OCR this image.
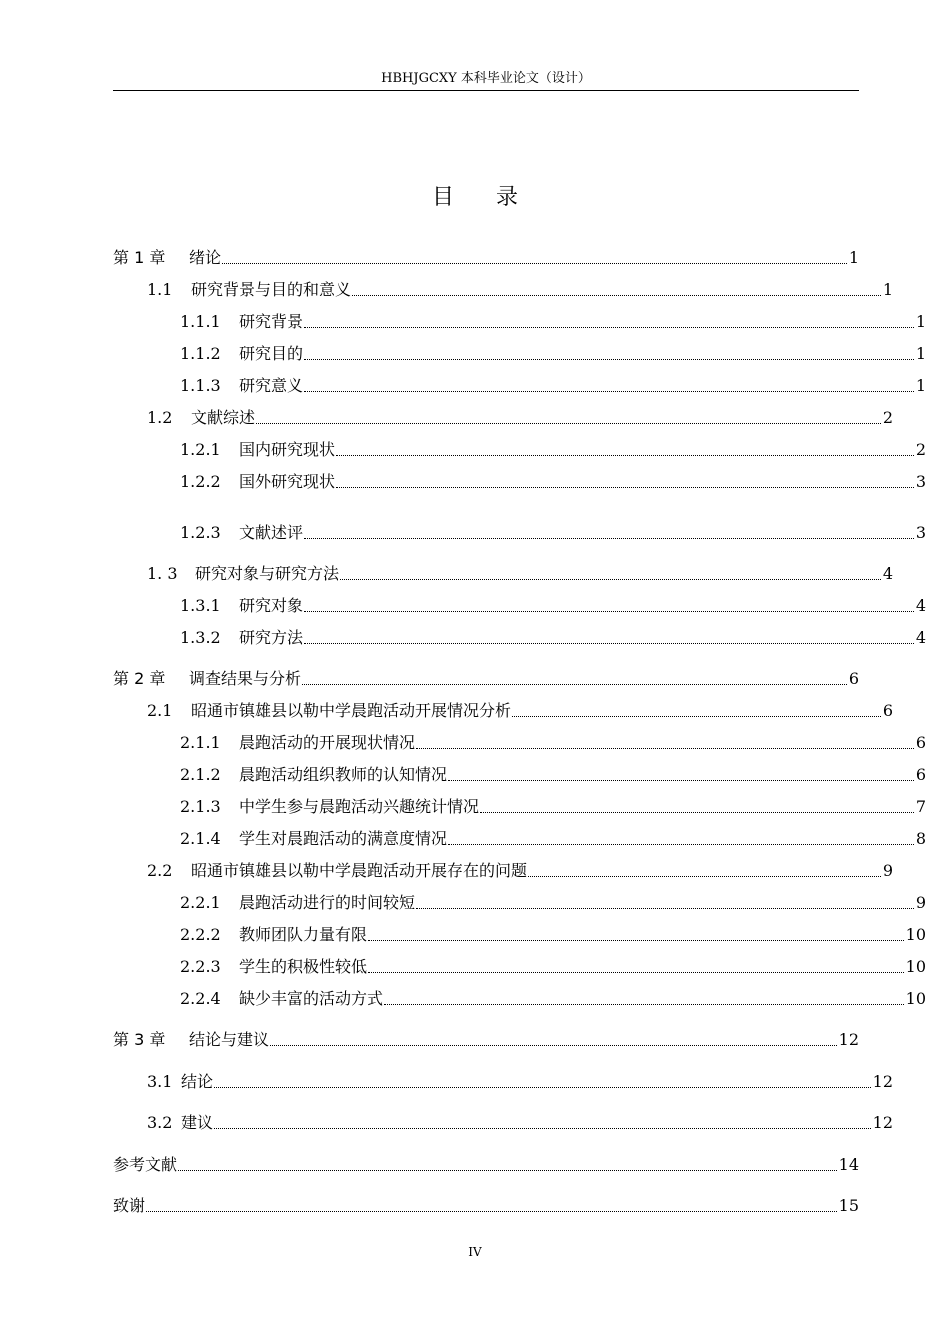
HBHJGCXY 本科毕业论文（设计）
目录
第 1 章	绪论	1
1.1	研究背景与目的和意义	1
1.1.1	研究背景	1
1.1.2	研究目的	1
1.1.3	研究意义	1
1.2	文献综述	2
1.2.1	国内研究现状	2
1.2.2	国外研究现状	3
1.2.3	文献述评	3
1. 3	研究对象与研究方法	4
1.3.1	研究对象	4
1.3.2	研究方法	4
第 2 章	调查结果与分析	6
2.1	昭通市镇雄县以勒中学晨跑活动开展情况分析	6
2.1.1	晨跑活动的开展现状情况	6
2.1.2	晨跑活动组织教师的认知情况	6
2.1.3	中学生参与晨跑活动兴趣统计情况	7
2.1.4	学生对晨跑活动的满意度情况	8
2.2	昭通市镇雄县以勒中学晨跑活动开展存在的问题	9
2.2.1	晨跑活动进行的时间较短	9
2.2.2	教师团队力量有限	10
2.2.3	学生的积极性较低	10
2.2.4	缺少丰富的活动方式	10
第 3 章	结论与建议	12
3.1 结论	12
3.2 建议	12
参考文献	14
致谢	15
IV
